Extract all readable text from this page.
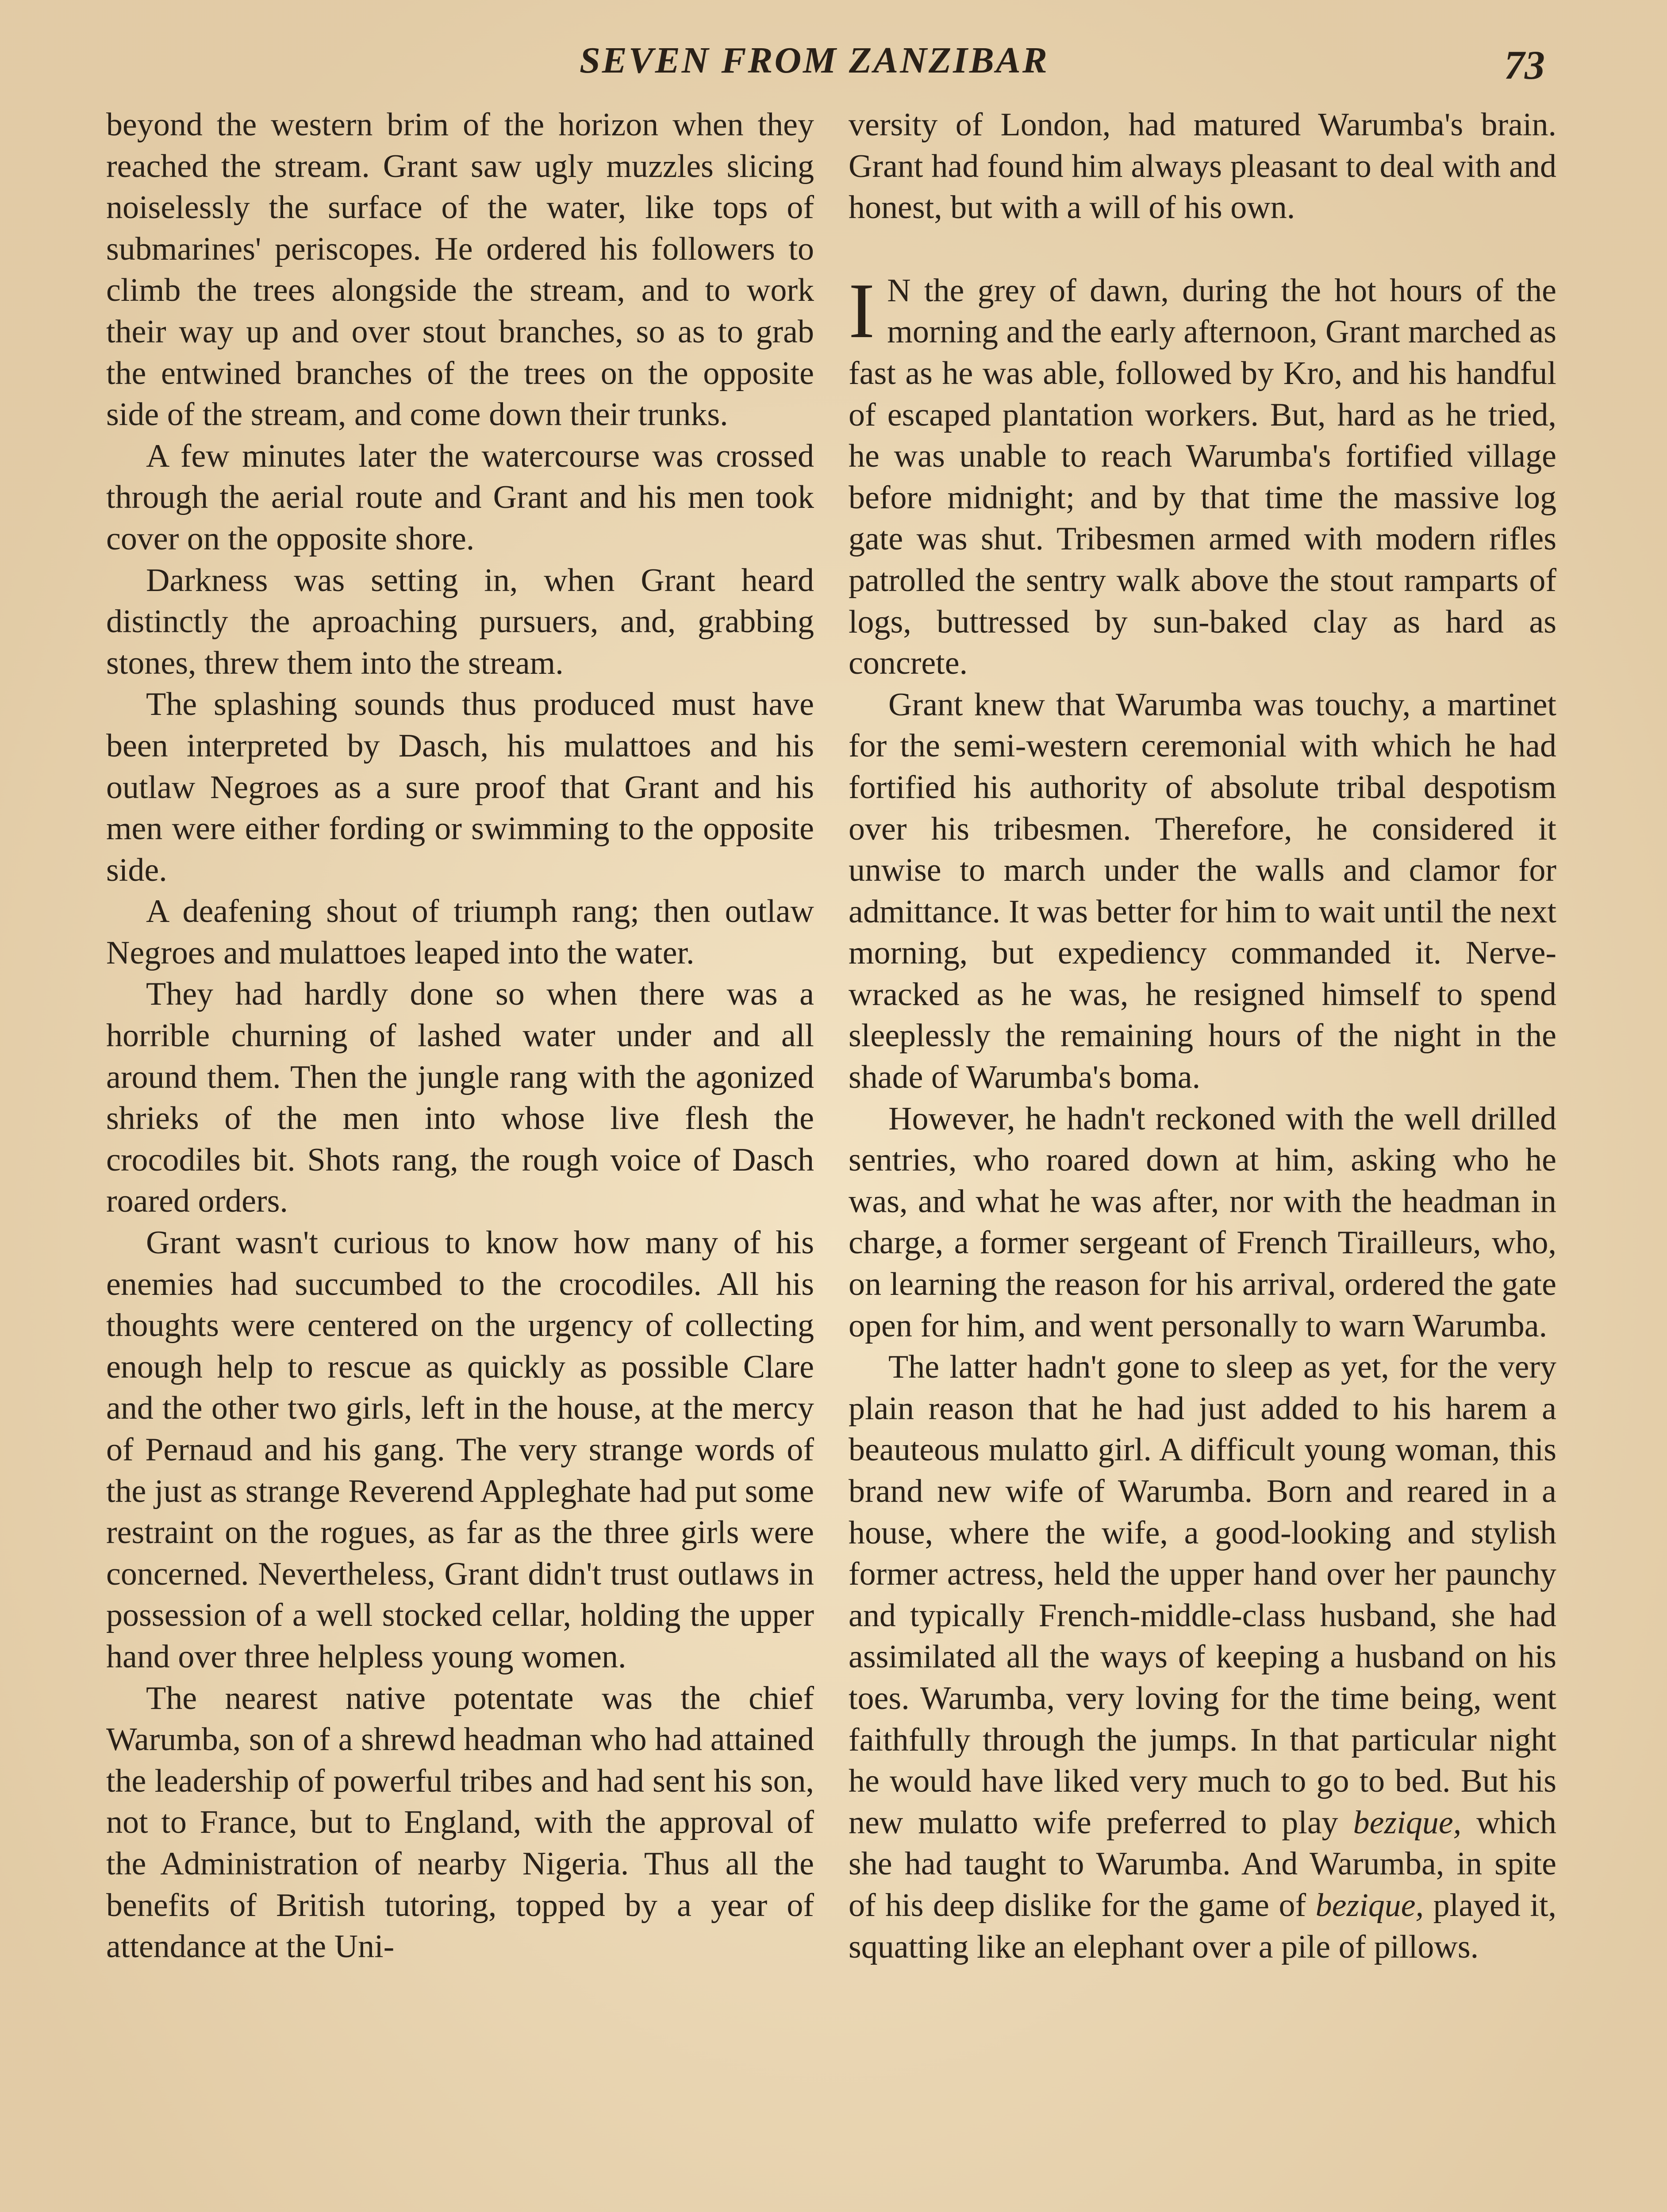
SEVEN FROM ZANZIBAR	73

beyond the western brim of the horizon when they reached the stream. Grant saw ugly muzzles slicing noiselessly the surface of the water, like tops of submarines' periscopes. He ordered his followers to climb the trees alongside the stream, and to work their way up and over stout branches, so as to grab the entwined branches of the trees on the opposite side of the stream, and come down their trunks.

A few minutes later the watercourse was crossed through the aerial route and Grant and his men took cover on the opposite shore.

Darkness was setting in, when Grant heard distinctly the aproaching pursuers, and, grabbing stones, threw them into the stream.

The splashing sounds thus produced must have been interpreted by Dasch, his mulattoes and his outlaw Negroes as a sure proof that Grant and his men were either fording or swimming to the opposite side.

A deafening shout of triumph rang; then outlaw Negroes and mulattoes leaped into the water.

They had hardly done so when there was a horrible churning of lashed water under and all around them. Then the jungle rang with the agonized shrieks of the men into whose live flesh the crocodiles bit. Shots rang, the rough voice of Dasch roared orders.

Grant wasn't curious to know how many of his enemies had succumbed to the crocodiles. All his thoughts were centered on the urgency of collecting enough help to rescue as quickly as possible Clare and the other two girls, left in the house, at the mercy of Pernaud and his gang. The very strange words of the just as strange Reverend Appleghate had put some restraint on the rogues, as far as the three girls were concerned. Nevertheless, Grant didn't trust outlaws in possession of a well stocked cellar, holding the upper hand over three helpless young women.

The nearest native potentate was the chief Warumba, son of a shrewd headman who had attained the leadership of powerful tribes and had sent his son, not to France, but to England, with the approval of the Administration of nearby Nigeria. Thus all the benefits of British tutoring, topped by a year of attendance at the Uni-

versity of London, had matured Warumba's brain. Grant had found him always pleasant to deal with and honest, but with a will of his own.

I N the grey of dawn, during the hot hours of the morning and the early afternoon, Grant marched as fast as he was able, followed by Kro, and his handful of escaped plantation workers. But, hard as he tried, he was unable to reach Warumba's fortified village before midnight; and by that time the massive log gate was shut. Tribesmen armed with modern rifles patrolled the sentry walk above the stout ramparts of logs, buttressed by sun-baked clay as hard as concrete.

Grant knew that Warumba was touchy, a martinet for the semi-western ceremonial with which he had fortified his authority of absolute tribal despotism over his tribesmen. Therefore, he considered it unwise to march under the walls and clamor for admittance. It was better for him to wait until the next morning, but expediency commanded it. Nerve-wracked as he was, he resigned himself to spend sleeplessly the remaining hours of the night in the shade of Warumba's boma.

However, he hadn't reckoned with the well drilled sentries, who roared down at him, asking who he was, and what he was after, nor with the headman in charge, a former sergeant of French Tirailleurs, who, on learning the reason for his arrival, ordered the gate open for him, and went personally to warn Warumba.

The latter hadn't gone to sleep as yet, for the very plain reason that he had just added to his harem a beauteous mulatto girl. A difficult young woman, this brand new wife of Warumba. Born and reared in a house, where the wife, a good-looking and stylish former actress, held the upper hand over her paunchy and typically French-middle-class husband, she had assimilated all the ways of keeping a husband on his toes. Warumba, very loving for the time being, went faithfully through the jumps. In that particular night he would have liked very much to go to bed. But his new mulatto wife preferred to play bezique, which she had taught to Warumba. And Warumba, in spite of his deep dislike for the game of bezique, played it, squatting like an elephant over a pile of pillows.
